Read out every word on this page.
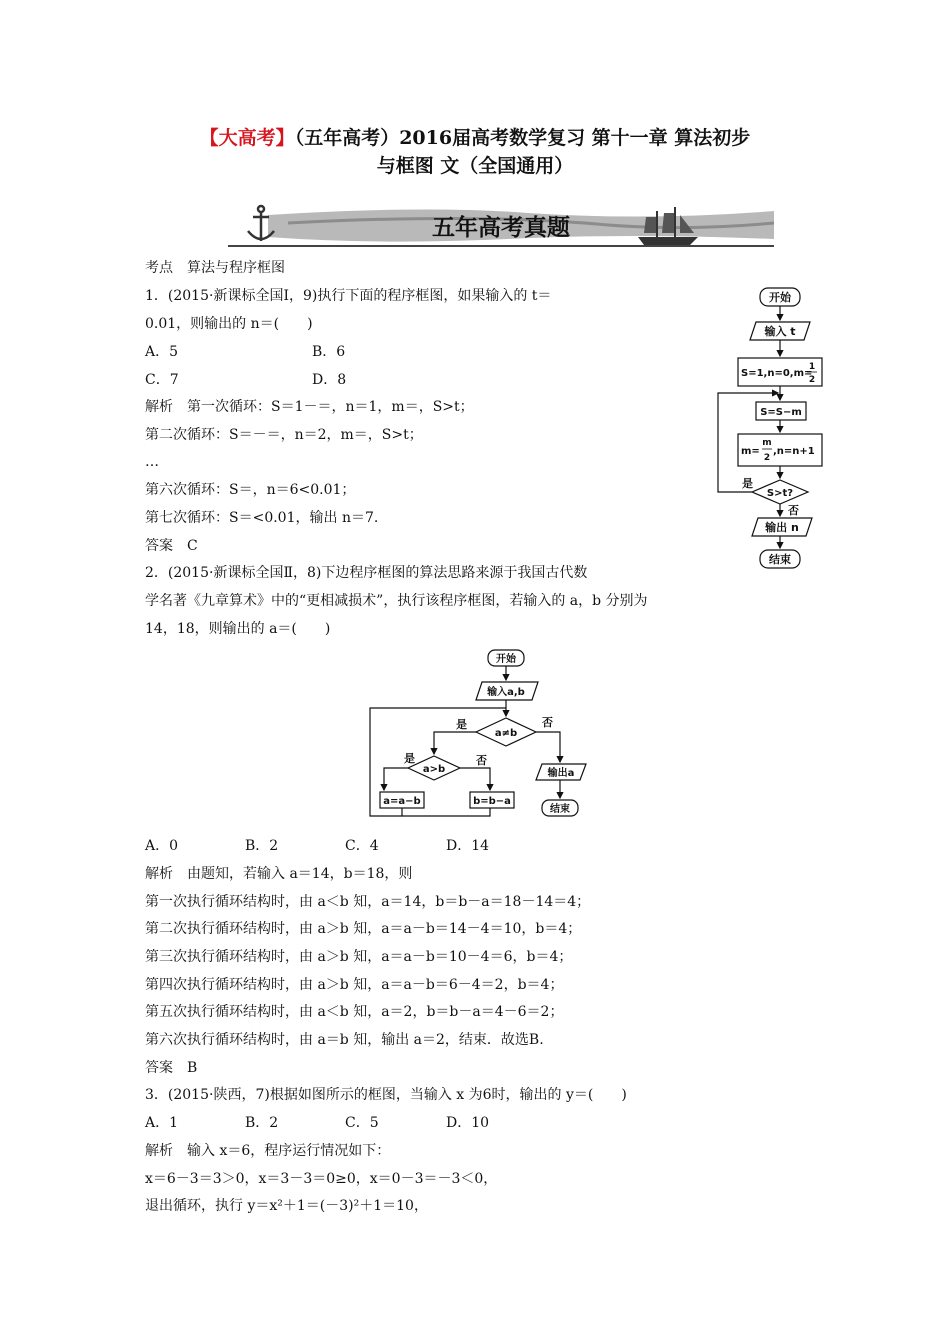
【大高考】（五年高考）2016届高考数学复习 第十一章 算法初步
与框图 文（全国通用）
五年高考真题
考点　算法与程序框图
1．(2015·新课标全国Ⅰ，9)执行下面的程序框图，如果输入的 t＝
0.01，则输出的 n＝(　　)
A．5	B．6
C．7	D．8
解析　第一次循环：S＝1－＝，n＝1，m＝，S>t；
第二次循环：S＝－＝，n＝2，m＝，S>t；
…
第六次循环：S＝，n＝6<0.01；
第七次循环：S＝<0.01，输出 n＝7.
答案　C
开始
输入 t
S=1,n=0,m=
1
2
S=S−m
m=
m
2
,n=n+1
S>t?
是
否
输出 n
结束
2．(2015·新课标全国Ⅱ，8)下边程序框图的算法思路来源于我国古代数
学名著《九章算术》中的“更相减损术”，执行该程序框图，若输入的 a，b 分别为
14，18，则输出的 a＝(　　)
开始
输入a,b
a≠b
是	否
a>b
是	否
a=a−b	b=b−a
输出a
结束
A．0	B．2	C．4	D．14
解析　由题知，若输入 a＝14，b＝18，则
第一次执行循环结构时，由 a＜b 知，a＝14，b＝b－a＝18－14＝4；
第二次执行循环结构时，由 a＞b 知，a＝a－b＝14－4＝10，b＝4；
第三次执行循环结构时，由 a＞b 知，a＝a－b＝10－4＝6，b＝4；
第四次执行循环结构时，由 a＞b 知，a＝a－b＝6－4＝2，b＝4；
第五次执行循环结构时，由 a＜b 知，a＝2，b＝b－a＝4－6＝2；
第六次执行循环结构时，由 a＝b 知，输出 a＝2，结束．故选B.
答案　B
3．(2015·陕西，7)根据如图所示的框图，当输入 x 为6时，输出的 y＝(　　)
A．1	B．2	C．5	D．10
解析　输入 x＝6，程序运行情况如下：
x＝6－3＝3＞0，x＝3－3＝0≥0，x＝0－3＝－3＜0，
退出循环，执行 y＝x²＋1＝(－3)²＋1＝10，
